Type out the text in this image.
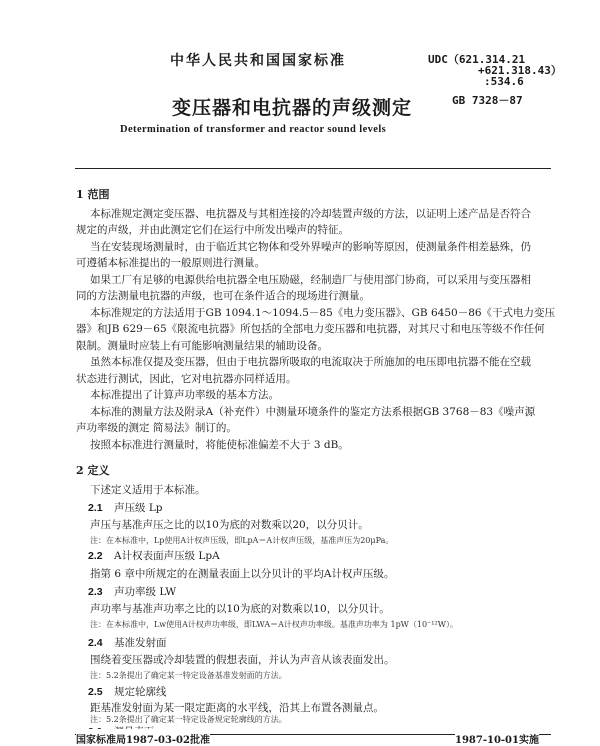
中华人民共和国国家标准	UDC（621.314.21
+621.318.43）
:534.6
GB 7328－87
变压器和电抗器的声级测定
Determination of transformer and reactor sound levels
1 范围
本标准规定测定变压器、电抗器及与其相连接的冷却装置声级的方法，以证明上述产品是否符合
规定的声级，并由此测定它们在运行中所发出噪声的特征。
当在安装现场测量时，由于临近其它物体和受外界噪声的影响等原因，使测量条件相差悬殊，仍
可遵循本标准提出的一般原则进行测量。
如果工厂有足够的电源供给电抗器全电压励磁，经制造厂与使用部门协商，可以采用与变压器相
同的方法测量电抗器的声级，也可在条件适合的现场进行测量。
本标准规定的方法适用于GB 1094.1～1094.5－85《电力变压器》、GB 6450－86《干式电力变压
器》和JB 629－65《限流电抗器》所包括的全部电力变压器和电抗器，对其尺寸和电压等级不作任何
限制。测量时应装上有可能影响测量结果的辅助设备。
虽然本标准仅提及变压器，但由于电抗器所吸取的电流取决于所施加的电压即电抗器不能在空载
状态进行测试，因此，它对电抗器亦同样适用。
本标准提出了计算声功率级的基本方法。
本标准的测量方法及附录A（补充件）中测量环境条件的鉴定方法系根据GB 3768－83《噪声源
声功率级的测定 简易法》制订的。
按照本标准进行测量时，将能使标准偏差不大于 3 dB。
2 定义
下述定义适用于本标准。
2.1 声压级 Lp
声压与基准声压之比的以10为底的对数乘以20，以分贝计。
注：在本标准中，Lp使用A计权声压级，即LpA＝A计权声压级，基准声压为20μPa。
2.2 A计权表面声压级 LpA
指第 6 章中所规定的在测量表面上以分贝计的平均A计权声压级。
2.3 声功率级 LW
声功率与基准声功率之比的以10为底的对数乘以10，以分贝计。
注：在本标准中，Lw使用A计权声功率级，即LWA＝A计权声功率级。基准声功率为 1pW（10⁻¹²W）。
2.4 基准发射面
围绕着变压器或冷却装置的假想表面，并认为声音从该表面发出。
注：5.2条提出了确定某一特定设备基准发射面的方法。
2.5 规定轮廓线
距基准发射面为某一限定距离的水平线，沿其上布置各测量点。
注：5.2条提出了确定某一特定设备规定轮廓线的方法。
国家标准局1987-03-02批准	1987-10-01实施
